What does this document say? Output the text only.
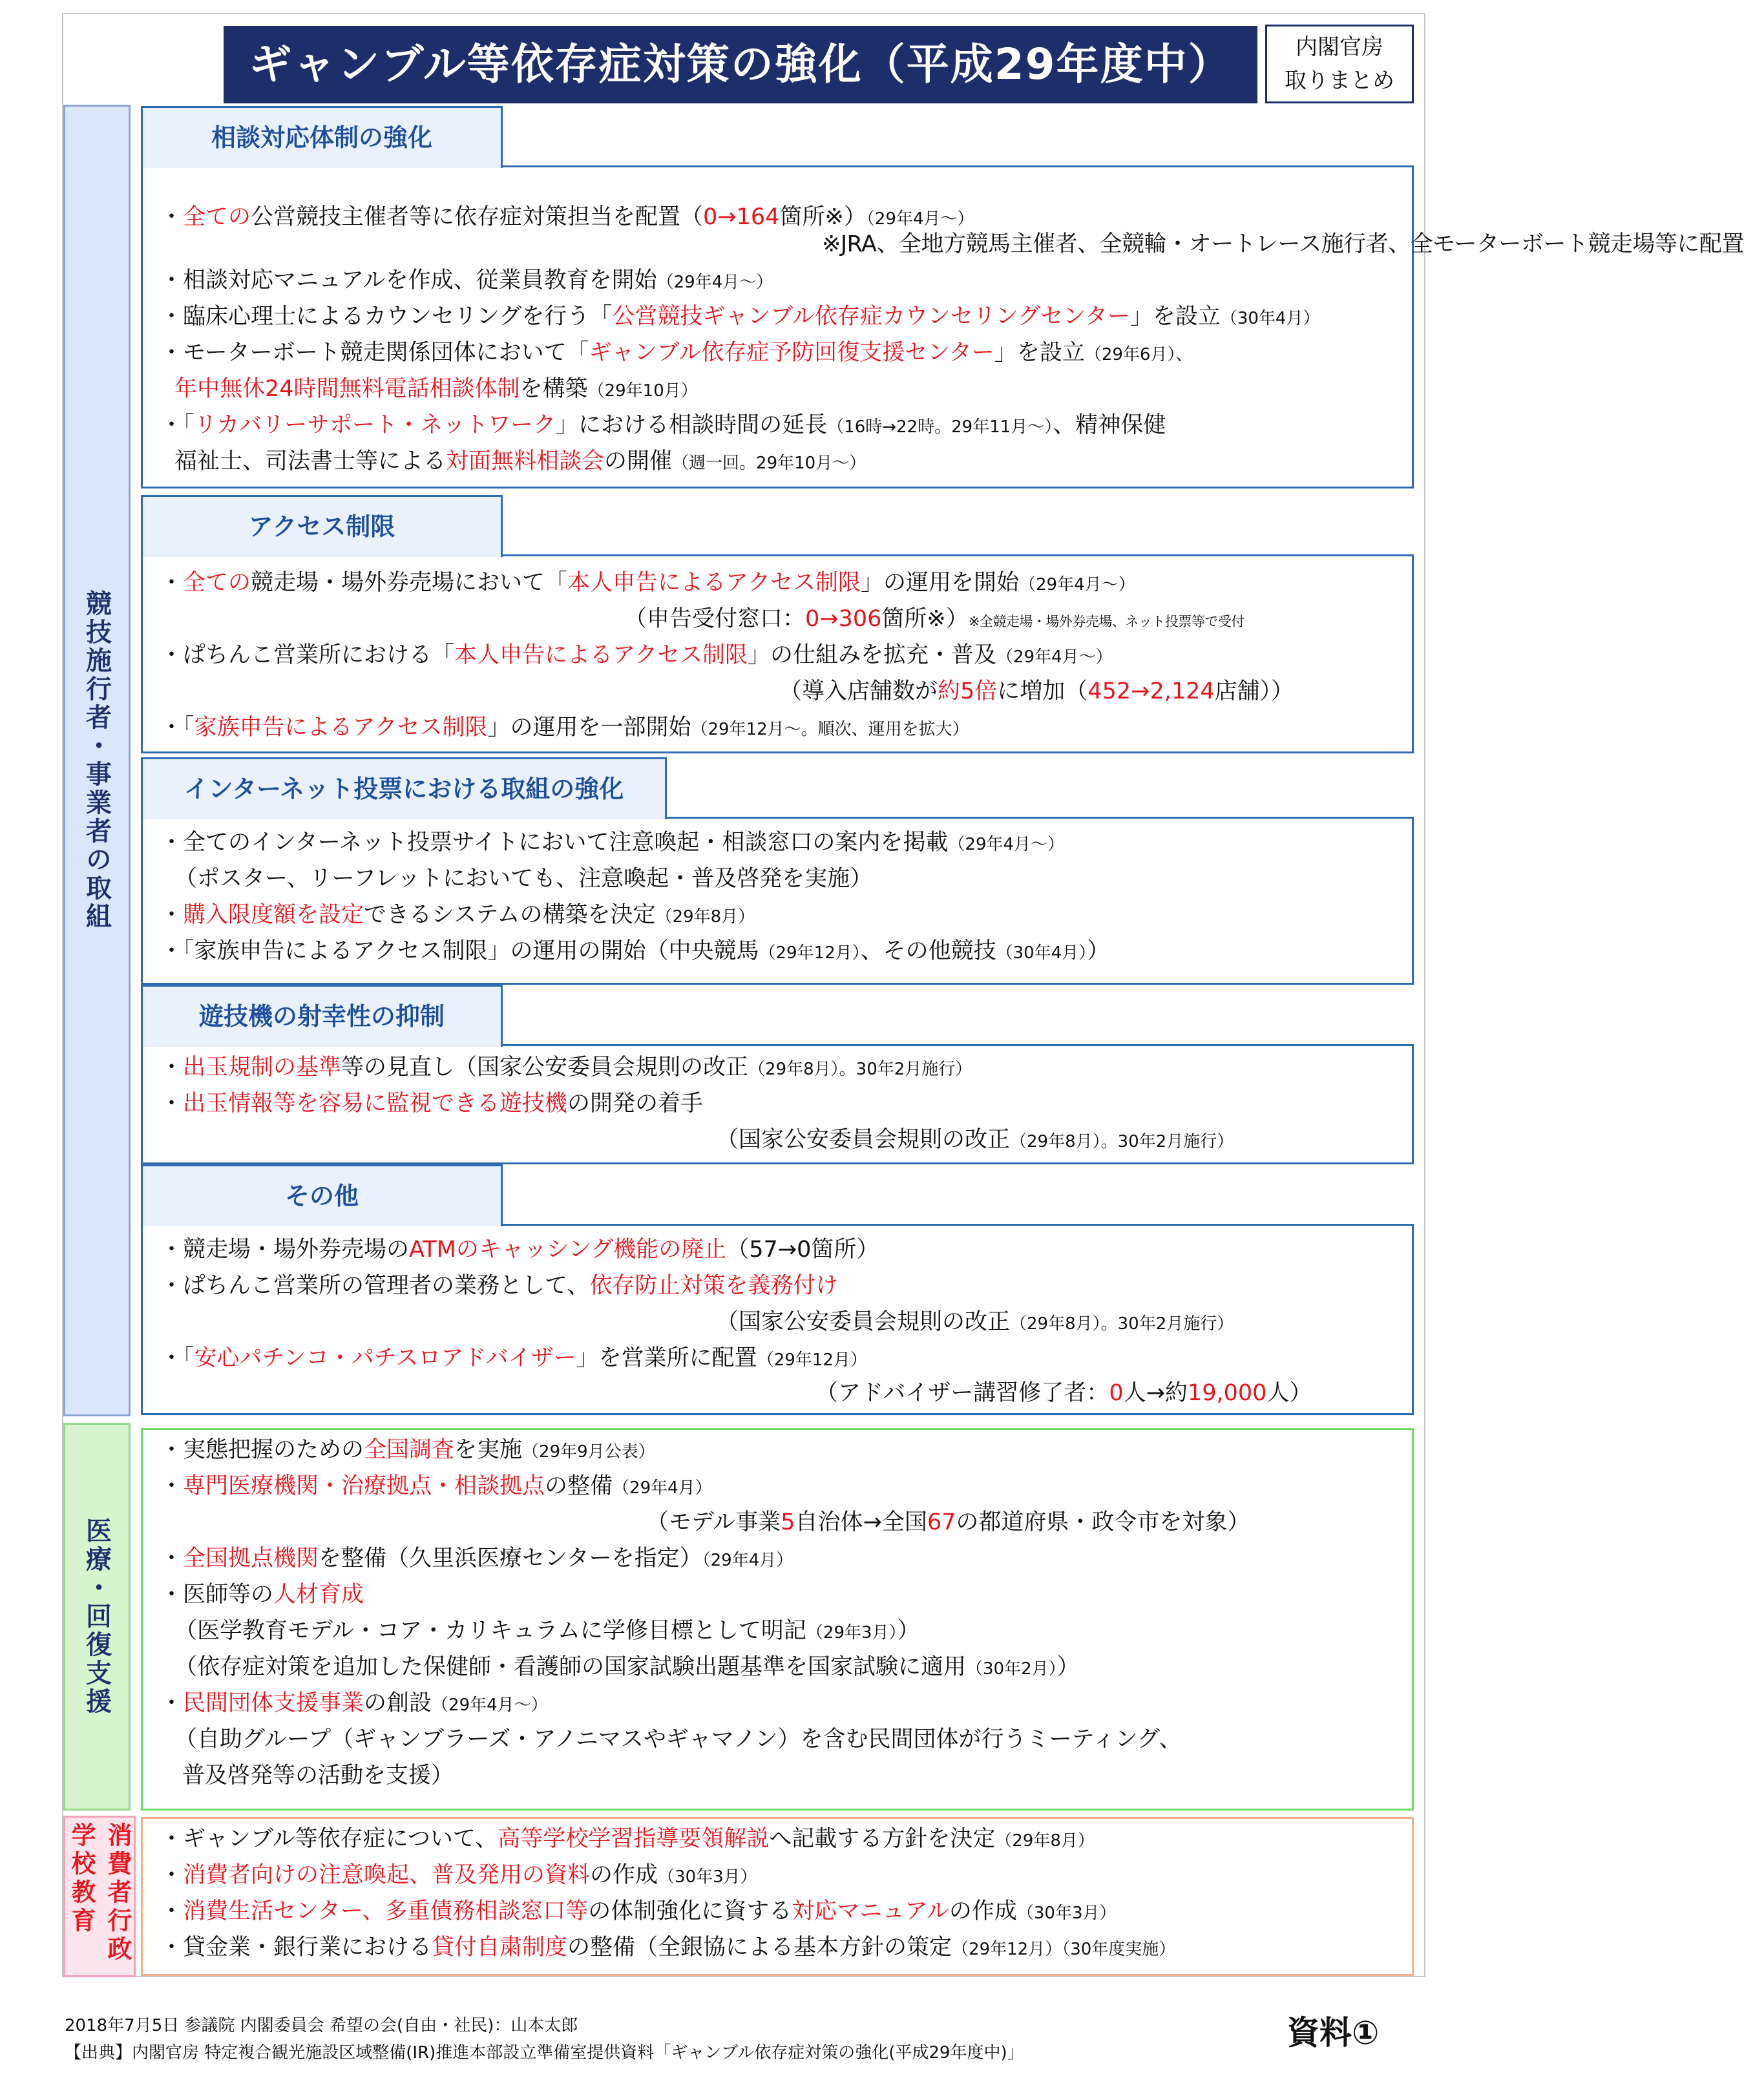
ギャンブル等依存症対策の強化（平成29年度中）	内閣官房
取りまとめ
競技施行者・事業者の取組
医療・回復支援
学校教育 消費者行政
相談対応体制の強化
・全ての公営競技主催者等に依存症対策担当を配置（0→164箇所※）（29年4月～）
※JRA、全地方競馬主催者、全競輪・オートレース施行者、全モーターボート競走場等に配置
・相談対応マニュアルを作成、従業員教育を開始（29年4月～）
・臨床心理士によるカウンセリングを行う「公営競技ギャンブル依存症カウンセリングセンター」を設立（30年4月）
・モーターボート競走関係団体において「ギャンブル依存症予防回復支援センター」を設立（29年6月）、
年中無休24時間無料電話相談体制を構築（29年10月）
・「リカバリーサポート・ネットワーク」における相談時間の延長（16時→22時。29年11月～）、精神保健
福祉士、司法書士等による対面無料相談会の開催（週一回。29年10月～）
アクセス制限
・全ての競走場・場外券売場において「本人申告によるアクセス制限」の運用を開始（29年4月～）
（申告受付窓口：0→306箇所※）※全競走場・場外券売場、ネット投票等で受付
・ぱちんこ営業所における「本人申告によるアクセス制限」の仕組みを拡充・普及（29年4月～）
（導入店舗数が約5倍に増加（452→2,124店舗））
・「家族申告によるアクセス制限」の運用を一部開始（29年12月～。順次、運用を拡大）
インターネット投票における取組の強化
・全てのインターネット投票サイトにおいて注意喚起・相談窓口の案内を掲載（29年4月～）
（ポスター、リーフレットにおいても、注意喚起・普及啓発を実施）
・購入限度額を設定できるシステムの構築を決定（29年8月）
・「家族申告によるアクセス制限」の運用の開始（中央競馬（29年12月）、その他競技（30年4月））
遊技機の射幸性の抑制
・出玉規制の基準等の見直し（国家公安委員会規則の改正（29年8月）。30年2月施行）
・出玉情報等を容易に監視できる遊技機の開発の着手
（国家公安委員会規則の改正（29年8月）。30年2月施行）
その他
・競走場・場外券売場のATMのキャッシング機能の廃止（57→0箇所）
・ぱちんこ営業所の管理者の業務として、依存防止対策を義務付け
（国家公安委員会規則の改正（29年8月）。30年2月施行）
・「安心パチンコ・パチスロアドバイザー」を営業所に配置（29年12月）
（アドバイザー講習修了者：0人→約19,000人）
・実態把握のための全国調査を実施（29年9月公表）
・専門医療機関・治療拠点・相談拠点の整備（29年4月）
（モデル事業5自治体→全国67の都道府県・政令市を対象）
・全国拠点機関を整備（久里浜医療センターを指定）（29年4月）
・医師等の人材育成
（医学教育モデル・コア・カリキュラムに学修目標として明記（29年3月））
（依存症対策を追加した保健師・看護師の国家試験出題基準を国家試験に適用（30年2月））
・民間団体支援事業の創設（29年4月～）
（自助グループ（ギャンブラーズ・アノニマスやギャマノン）を含む民間団体が行うミーティング、
普及啓発等の活動を支援）
・ギャンブル等依存症について、高等学校学習指導要領解説へ記載する方針を決定（29年8月）
・消費者向けの注意喚起、普及発用の資料の作成（30年3月）
・消費生活センター、多重債務相談窓口等の体制強化に資する対応マニュアルの作成（30年3月）
・貸金業・銀行業における貸付自粛制度の整備（全銀協による基本方針の策定（29年12月）（30年度実施）
2018年7月5日 参議院 内閣委員会 希望の会(自由・社民)：山本太郎
【出典】内閣官房 特定複合観光施設区域整備(IR)推進本部設立準備室提供資料「ギャンブル依存症対策の強化(平成29年度中)」
資料①
